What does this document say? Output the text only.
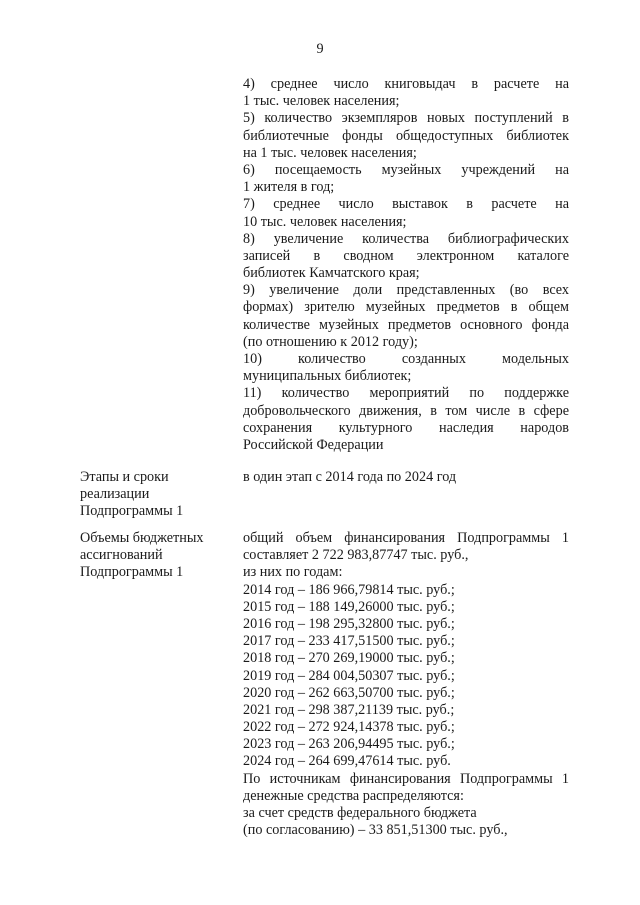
9
4) среднее число книговыдач в расчете на
1 тыс. человек населения;
5) количество экземпляров новых поступлений в
библиотечные фонды общедоступных библиотек
на 1 тыс. человек населения;
6) посещаемость музейных учреждений на
1 жителя в год;
7) среднее число выставок в расчете на
10 тыс. человек населения;
8) увеличение количества библиографических
записей в сводном электронном каталоге
библиотек Камчатского края;
9) увеличение доли представленных (во всех
формах) зрителю музейных предметов в общем
количестве музейных предметов основного фонда
(по отношению к 2012 году);
10) количество созданных модельных
муниципальных библиотек;
11) количество мероприятий по поддержке
добровольческого движения, в том числе в сфере
сохранения культурного наследия народов
Российской Федерации
Этапы и сроки
реализации
Подпрограммы 1
в один этап с 2014 года по 2024 год
Объемы бюджетных
ассигнований
Подпрограммы 1
общий объем финансирования Подпрограммы 1
составляет 2 722 983,87747 тыс. руб.,
из них по годам:
2014 год – 186 966,79814 тыс. руб.;
2015 год – 188 149,26000 тыс. руб.;
2016 год – 198 295,32800 тыс. руб.;
2017 год – 233 417,51500 тыс. руб.;
2018 год – 270 269,19000 тыс. руб.;
2019 год – 284 004,50307 тыс. руб.;
2020 год – 262 663,50700 тыс. руб.;
2021 год – 298 387,21139 тыс. руб.;
2022 год – 272 924,14378 тыс. руб.;
2023 год – 263 206,94495 тыс. руб.;
2024 год – 264 699,47614 тыс. руб.
По источникам финансирования Подпрограммы 1
денежные средства распределяются:
за счет средств федерального бюджета
(по согласованию) – 33 851,51300 тыс. руб.,
